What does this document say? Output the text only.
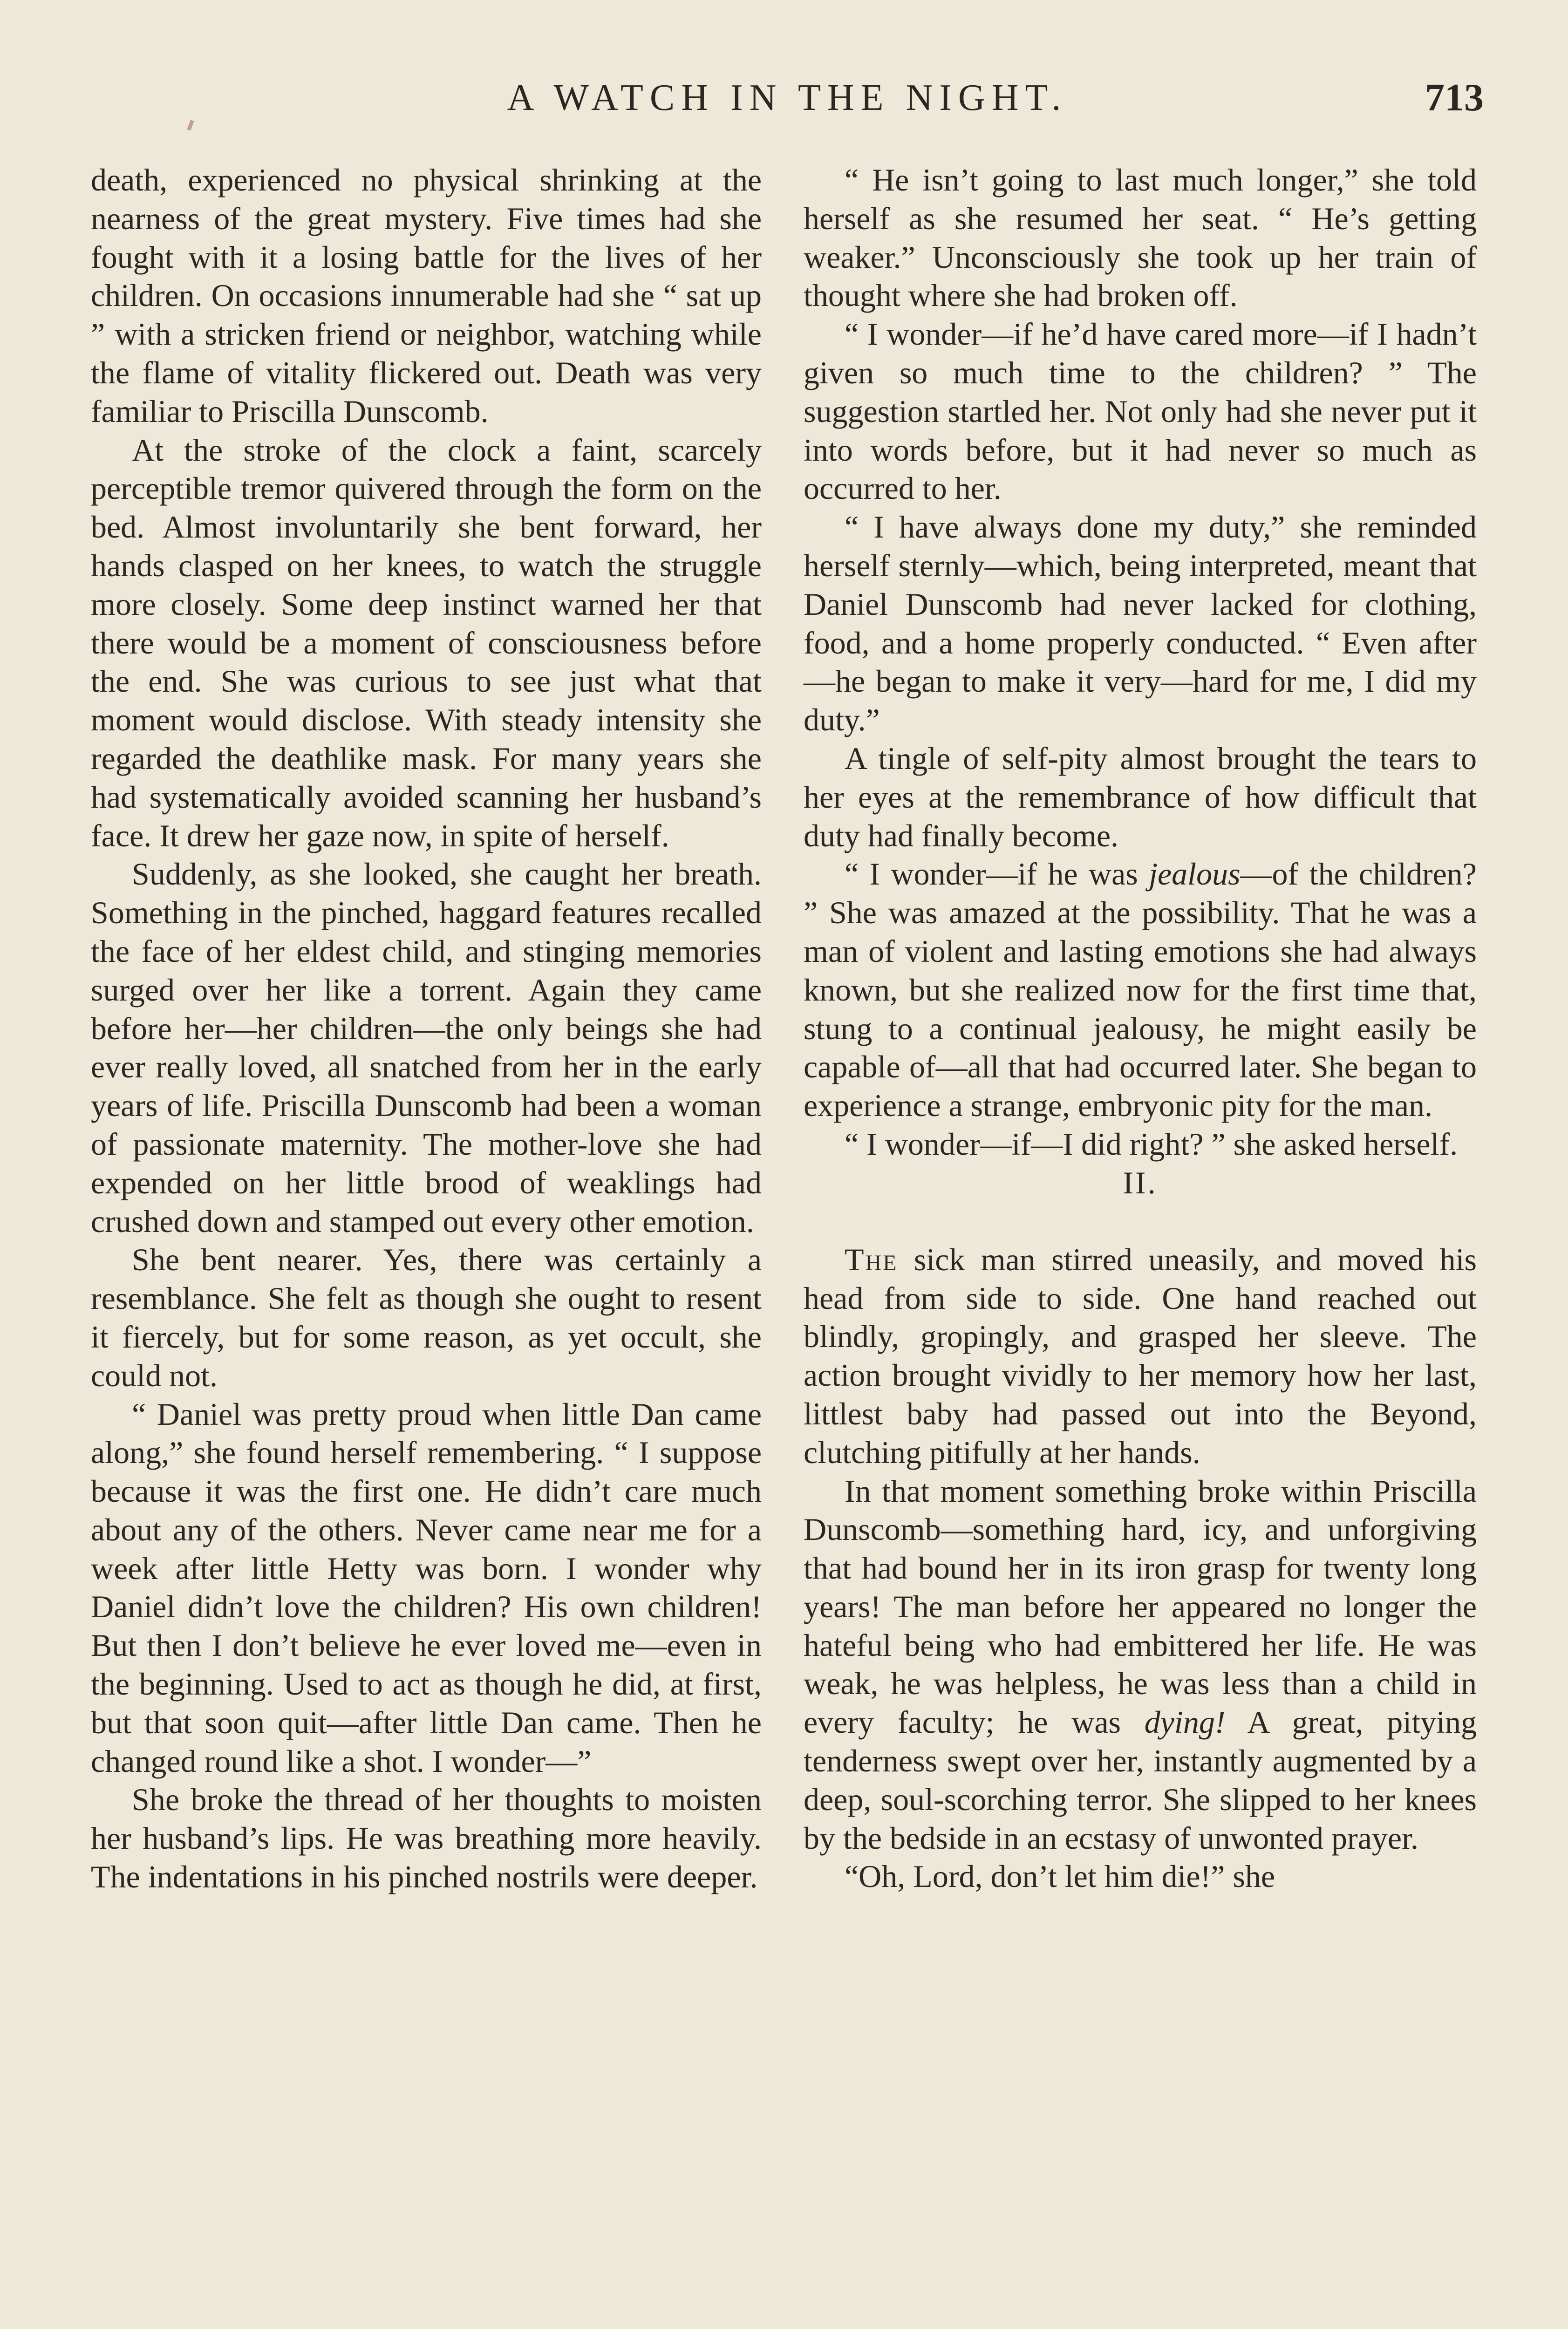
A WATCH IN THE NIGHT.	713

death, experienced no physical shrinking at the nearness of the great mystery. Five times had she fought with it a losing battle for the lives of her children. On occasions innumerable had she “ sat up ” with a stricken friend or neighbor, watching while the flame of vitality flickered out. Death was very familiar to Priscilla Dunscomb.

At the stroke of the clock a faint, scarcely perceptible tremor quivered through the form on the bed. Almost involuntarily she bent forward, her hands clasped on her knees, to watch the struggle more closely. Some deep instinct warned her that there would be a moment of consciousness before the end. She was curious to see just what that moment would disclose. With steady intensity she regarded the deathlike mask. For many years she had systematically avoided scanning her husband’s face. It drew her gaze now, in spite of herself.

Suddenly, as she looked, she caught her breath. Something in the pinched, haggard features recalled the face of her eldest child, and stinging memories surged over her like a torrent. Again they came before her—her children—the only beings she had ever really loved, all snatched from her in the early years of life. Priscilla Dunscomb had been a woman of passionate maternity. The mother-love she had expended on her little brood of weaklings had crushed down and stamped out every other emotion.

She bent nearer. Yes, there was certainly a resemblance. She felt as though she ought to resent it fiercely, but for some reason, as yet occult, she could not.

“ Daniel was pretty proud when little Dan came along,” she found herself remembering. “ I suppose because it was the first one. He didn’t care much about any of the others. Never came near me for a week after little Hetty was born. I wonder why Daniel didn’t love the children? His own children! But then I don’t believe he ever loved me—even in the beginning. Used to act as though he did, at first, but that soon quit—after little Dan came. Then he changed round like a shot. I wonder—”

She broke the thread of her thoughts to moisten her husband’s lips. He was breathing more heavily. The indentations in his pinched nostrils were deeper.

“ He isn’t going to last much longer,” she told herself as she resumed her seat. “ He’s getting weaker.” Unconsciously she took up her train of thought where she had broken off.

“ I wonder—if he’d have cared more—if I hadn’t given so much time to the children? ” The suggestion startled her. Not only had she never put it into words before, but it had never so much as occurred to her.

“ I have always done my duty,” she reminded herself sternly—which, being interpreted, meant that Daniel Dunscomb had never lacked for clothing, food, and a home properly conducted. “ Even after—he began to make it very—hard for me, I did my duty.”

A tingle of self-pity almost brought the tears to her eyes at the remembrance of how difficult that duty had finally become.

“ I wonder—if he was jealous—of the children? ” She was amazed at the possibility. That he was a man of violent and lasting emotions she had always known, but she realized now for the first time that, stung to a continual jealousy, he might easily be capable of—all that had occurred later. She began to experience a strange, embryonic pity for the man.

“ I wonder—if—I did right? ” she asked herself.

II.

The sick man stirred uneasily, and moved his head from side to side. One hand reached out blindly, gropingly, and grasped her sleeve. The action brought vividly to her memory how her last, littlest baby had passed out into the Beyond, clutching pitifully at her hands.

In that moment something broke within Priscilla Dunscomb—something hard, icy, and unforgiving that had bound her in its iron grasp for twenty long years! The man before her appeared no longer the hateful being who had embittered her life. He was weak, he was helpless, he was less than a child in every faculty; he was dying! A great, pitying tenderness swept over her, instantly augmented by a deep, soul-scorching terror. She slipped to her knees by the bedside in an ecstasy of unwonted prayer.

“Oh, Lord, don’t let him die!” she
